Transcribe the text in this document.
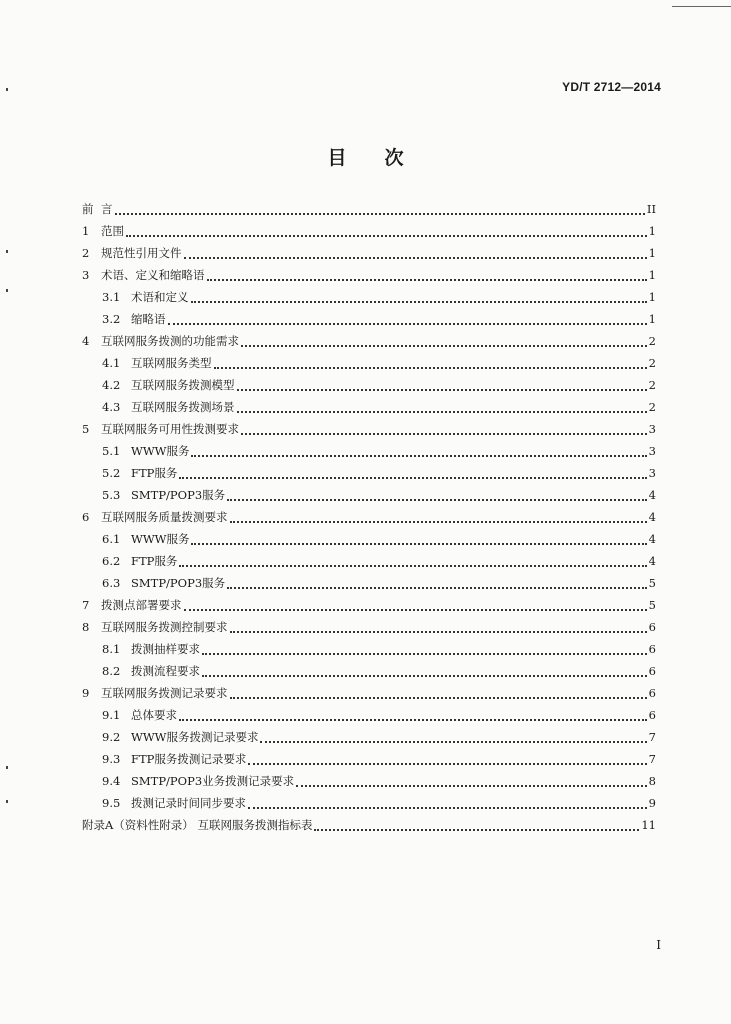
YD/T 2712—2014
目次
前 言	II
1	范围	1
2	规范性引用文件	1
3	术语、定义和缩略语	1
3.1 术语和定义	1
3.2 缩略语	1
4	互联网服务拨测的功能需求	2
4.1 互联网服务类型	2
4.2 互联网服务拨测模型	2
4.3 互联网服务拨测场景	2
5	互联网服务可用性拨测要求	3
5.1 WWW服务	3
5.2 FTP服务	3
5.3 SMTP/POP3服务	4
6	互联网服务质量拨测要求	4
6.1 WWW服务	4
6.2 FTP服务	4
6.3 SMTP/POP3服务	5
7	拨测点部署要求	5
8	互联网服务拨测控制要求	6
8.1 拨测抽样要求	6
8.2 拨测流程要求	6
9	互联网服务拨测记录要求	6
9.1 总体要求	6
9.2 WWW服务拨测记录要求	7
9.3 FTP服务拨测记录要求	7
9.4 SMTP/POP3业务拨测记录要求	8
9.5 拨测记录时间同步要求	9
附录A（资料性附录） 互联网服务拨测指标表	11
I
